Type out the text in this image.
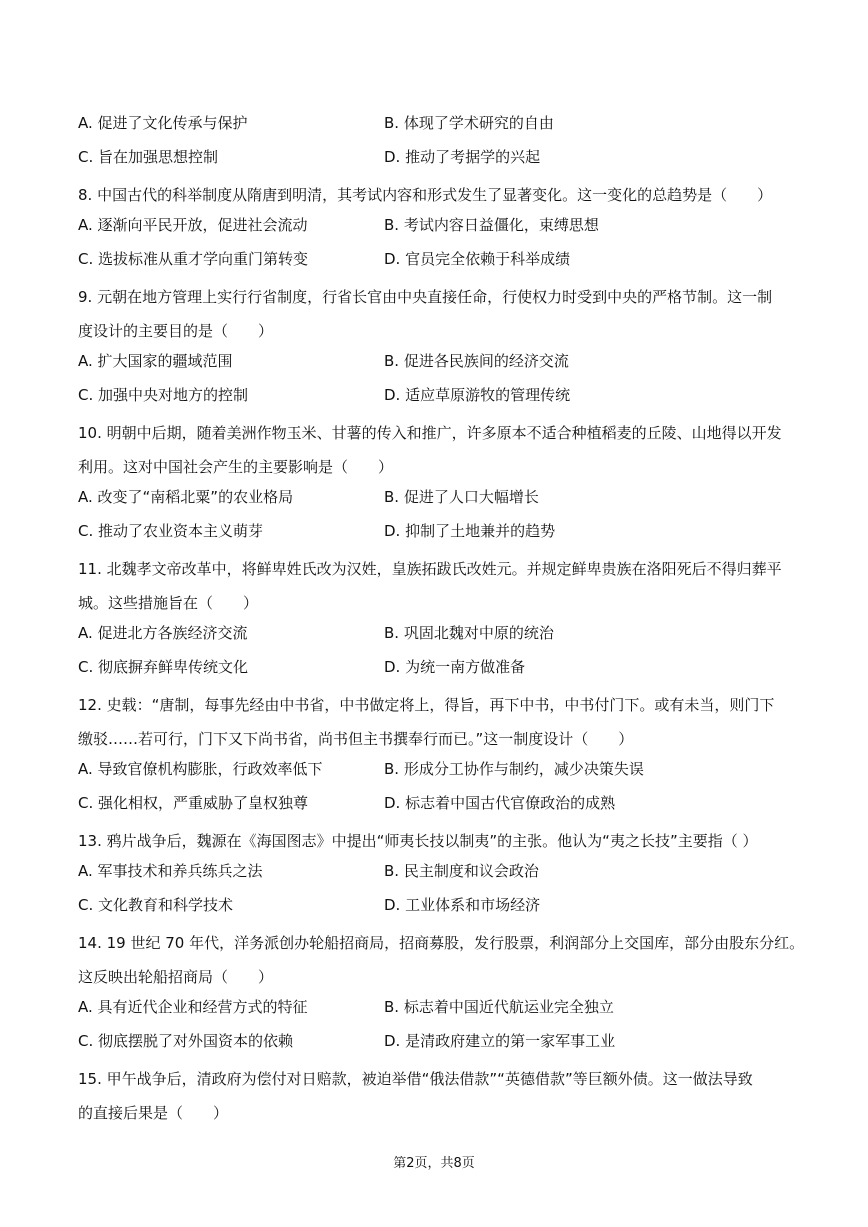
A. 促进了文化传承与保护	B. 体现了学术研究的自由
C. 旨在加强思想控制	D. 推动了考据学的兴起
8. 中国古代的科举制度从隋唐到明清，其考试内容和形式发生了显著变化。这一变化的总趋势是（　　）
A. 逐渐向平民开放，促进社会流动	B. 考试内容日益僵化，束缚思想
C. 选拔标准从重才学向重门第转变	D. 官员完全依赖于科举成绩
9. 元朝在地方管理上实行行省制度，行省长官由中央直接任命，行使权力时受到中央的严格节制。这一制
度设计的主要目的是（　　）
A. 扩大国家的疆域范围	B. 促进各民族间的经济交流
C. 加强中央对地方的控制	D. 适应草原游牧的管理传统
10. 明朝中后期，随着美洲作物玉米、甘薯的传入和推广，许多原本不适合种植稻麦的丘陵、山地得以开发
利用。这对中国社会产生的主要影响是（　　）
A. 改变了“南稻北粟”的农业格局	B. 促进了人口大幅增长
C. 推动了农业资本主义萌芽	D. 抑制了土地兼并的趋势
11. 北魏孝文帝改革中，将鲜卑姓氏改为汉姓，皇族拓跋氏改姓元。并规定鲜卑贵族在洛阳死后不得归葬平
城。这些措施旨在（　　）
A. 促进北方各族经济交流	B. 巩固北魏对中原的统治
C. 彻底摒弃鲜卑传统文化	D. 为统一南方做准备
12. 史载：“唐制，每事先经由中书省，中书做定将上，得旨，再下中书，中书付门下。或有未当，则门下
缴驳……若可行，门下又下尚书省，尚书但主书撰奉行而已。”这一制度设计（　　）
A. 导致官僚机构膨胀，行政效率低下	B. 形成分工协作与制约，减少决策失误
C. 强化相权，严重威胁了皇权独尊	D. 标志着中国古代官僚政治的成熟
13. 鸦片战争后，魏源在《海国图志》中提出“师夷长技以制夷”的主张。他认为“夷之长技”主要指（ ）
A. 军事技术和养兵练兵之法	B. 民主制度和议会政治
C. 文化教育和科学技术	D. 工业体系和市场经济
14. 19 世纪 70 年代，洋务派创办轮船招商局，招商募股，发行股票，利润部分上交国库，部分由股东分红。
这反映出轮船招商局（　　）
A. 具有近代企业和经营方式的特征	B. 标志着中国近代航运业完全独立
C. 彻底摆脱了对外国资本的依赖	D. 是清政府建立的第一家军事工业
15. 甲午战争后，清政府为偿付对日赔款，被迫举借“俄法借款”“英德借款”等巨额外债。这一做法导致
的直接后果是（　　）
第2页，共8页
